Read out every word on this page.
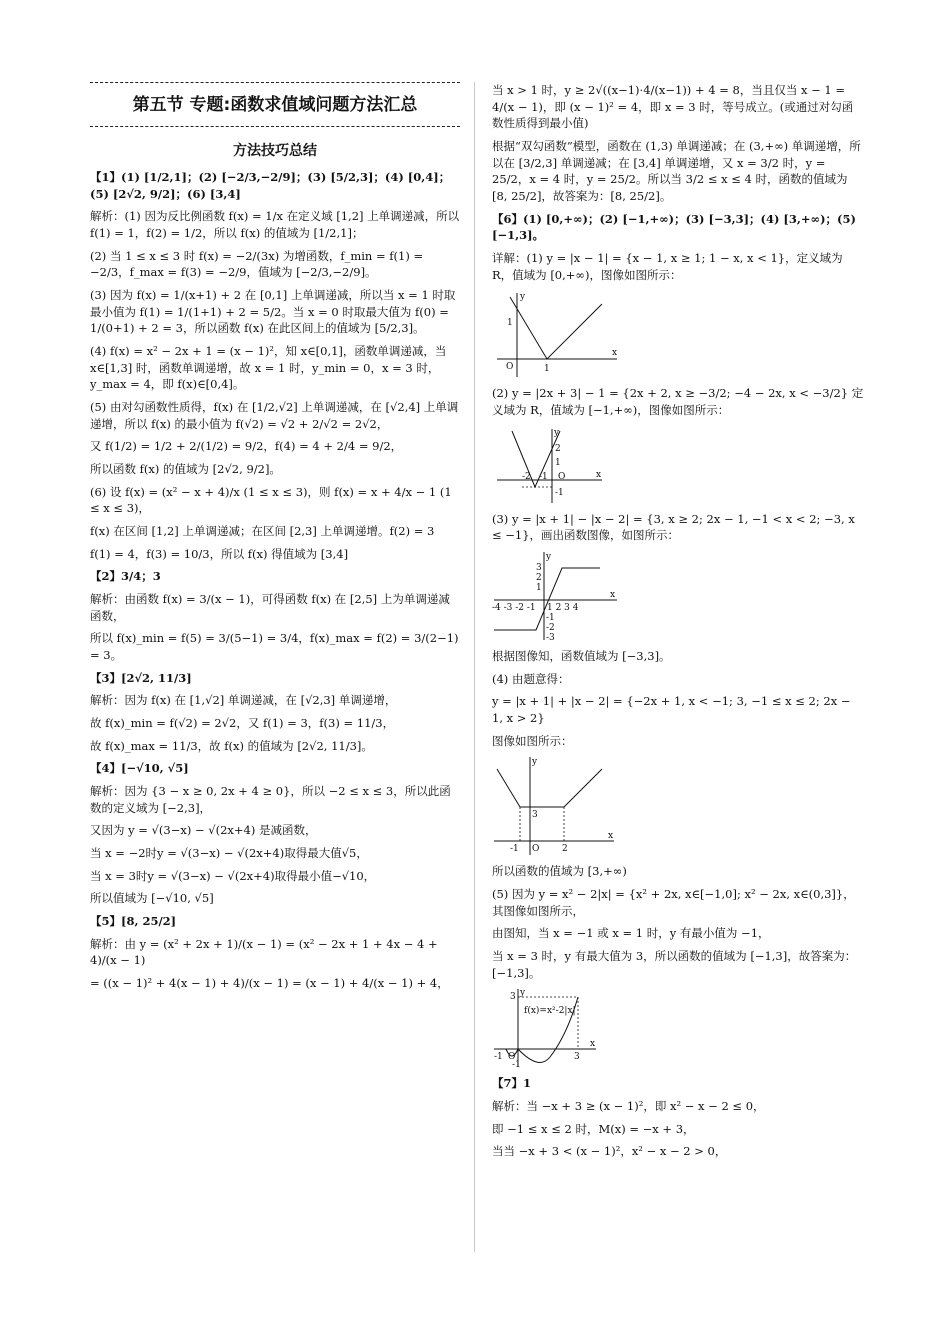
第五节 专题:函数求值域问题方法汇总
方法技巧总结
【1】(1) [1/2,1]；(2) [−2/3,−2/9]；(3) [5/2,3]；(4) [0,4]；(5) [2√2, 9/2]；(6) [3,4]
解析：(1) 因为反比例函数 f(x) = 1/x 在定义域 [1,2] 上单调递减，所以 f(1) = 1，f(2) = 1/2，所以 f(x) 的值域为 [1/2,1]；
(2) 当 1 ≤ x ≤ 3 时 f(x) = −2/(3x) 为增函数，f_min = f(1) = −2/3，f_max = f(3) = −2/9，值域为 [−2/3,−2/9]。
(3) 因为 f(x) = 1/(x+1) + 2 在 [0,1] 上单调递减，所以当 x = 1 时取最小值为 f(1) = 1/(1+1) + 2 = 5/2。当 x = 0 时取最大值为 f(0) = 1/(0+1) + 2 = 3，所以函数 f(x) 在此区间上的值域为 [5/2,3]。
(4) f(x) = x² − 2x + 1 = (x − 1)²，知 x∈[0,1]，函数单调递减，当 x∈[1,3] 时，函数单调递增，故 x = 1 时，y_min = 0，x = 3 时，y_max = 4，即 f(x)∈[0,4]。
(5) 由对勾函数性质得，f(x) 在 [1/2,√2] 上单调递减，在 [√2,4] 上单调递增，所以 f(x) 的最小值为 f(√2) = √2 + 2/√2 = 2√2，
又 f(1/2) = 1/2 + 2/(1/2) = 9/2，f(4) = 4 + 2/4 = 9/2，
所以函数 f(x) 的值域为 [2√2, 9/2]。
(6) 设 f(x) = (x² − x + 4)/x (1 ≤ x ≤ 3)，则 f(x) = x + 4/x − 1 (1 ≤ x ≤ 3)，
f(x) 在区间 [1,2] 上单调递减；在区间 [2,3] 上单调递增。f(2) = 3
f(1) = 4，f(3) = 10/3，所以 f(x) 得值域为 [3,4]
【2】3/4；3
解析：由函数 f(x) = 3/(x − 1)，可得函数 f(x) 在 [2,5] 上为单调递减函数，
所以 f(x)_min = f(5) = 3/(5−1) = 3/4，f(x)_max = f(2) = 3/(2−1) = 3。
【3】[2√2, 11/3]
解析：因为 f(x) 在 [1,√2] 单调递减，在 [√2,3] 单调递增，
故 f(x)_min = f(√2) = 2√2，又 f(1) = 3，f(3) = 11/3，
故 f(x)_max = 11/3，故 f(x) 的值域为 [2√2, 11/3]。
【4】[−√10, √5]
解析：因为 {3 − x ≥ 0, 2x + 4 ≥ 0}，所以 −2 ≤ x ≤ 3，所以此函数的定义域为 [−2,3]，
又因为 y = √(3−x) − √(2x+4) 是减函数，
当 x = −2时y = √(3−x) − √(2x+4)取得最大值√5，
当 x = 3时y = √(3−x) − √(2x+4)取得最小值−√10，
所以值域为 [−√10, √5]
【5】[8, 25/2]
解析：由 y = (x² + 2x + 1)/(x − 1) = (x² − 2x + 1 + 4x − 4 + 4)/(x − 1)
= ((x − 1)² + 4(x − 1) + 4)/(x − 1) = (x − 1) + 4/(x − 1) + 4，
当 x > 1 时，y ≥ 2√((x−1)·4/(x−1)) + 4 = 8，当且仅当 x − 1 = 4/(x − 1)，即 (x − 1)² = 4，即 x = 3 时，等号成立。(或通过对勾函数性质得到最小值)
根据“双勾函数”模型，函数在 (1,3) 单调递减；在 (3,+∞) 单调递增，所以在 [3/2,3] 单调递减；在 [3,4] 单调递增，又 x = 3/2 时，y = 25/2，x = 4 时，y = 25/2。所以当 3/2 ≤ x ≤ 4 时，函数的值域为 [8, 25/2]，故答案为：[8, 25/2]。
【6】(1) [0,+∞)；(2) [−1,+∞)；(3) [−3,3]；(4) [3,+∞)；(5) [−1,3]。
详解：(1) y = |x − 1| = {x − 1, x ≥ 1; 1 − x, x < 1}，定义域为 R，值域为 [0,+∞)，图像如图所示：
O	1
1
x
y
(2) y = |2x + 3| − 1 = {2x + 2, x ≥ −3/2; −4 − 2x, x < −3/2} 定义域为 R，值域为 [−1,+∞)，图像如图所示：
2
1
-1
-2 -1 O	x
y
(3) y = |x + 1| − |x − 2| = {3, x ≥ 2; 2x − 1, −1 < x < 2; −3, x ≤ −1}，画出函数图像，如图所示：
-4 -3 -2 -1 1 2 3 4
3
2
1
-1
-2
-3
x
y
根据图像知，函数值域为 [−3,3]。
(4) 由题意得：
y = |x + 1| + |x − 2| = {−2x + 1, x < −1; 3, −1 ≤ x ≤ 2; 2x − 1, x > 2}
图像如图所示：
3
-1 O	2
x
y
所以函数的值域为 [3,+∞)
(5) 因为 y = x² − 2|x| = {x² + 2x, x∈[−1,0]; x² − 2x, x∈(0,3]}，其图像如图所示，
由图知，当 x = −1 或 x = 1 时，y 有最小值为 −1，
当 x = 3 时，y 有最大值为 3，所以函数的值域为 [−1,3]，故答案为：[−1,3]。
3
-1 O
-1
3
x
y
f(x)=x²-2|x|
【7】1
解析：当 −x + 3 ≥ (x − 1)²，即 x² − x − 2 ≤ 0，
即 −1 ≤ x ≤ 2 时，M(x) = −x + 3，
当当 −x + 3 < (x − 1)²，x² − x − 2 > 0，
